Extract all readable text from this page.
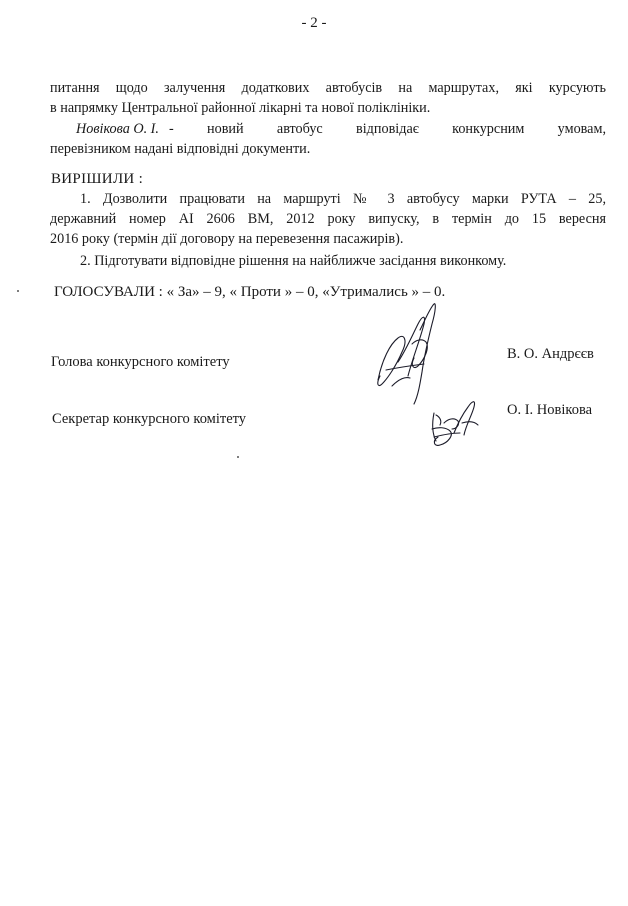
- 2 -
питання щодо залучення додаткових автобусів на маршрутах, які курсують
в напрямку Центральної районної лікарні та нової поліклініки.
Новікова О. І. - новий автобус відповідає конкурсним умовам,
перевізником надані відповідні документи.
ВИРІШИЛИ :
1. Дозволити працювати на маршруті № 3 автобусу марки РУТА – 25,
державний номер АІ 2606 ВМ, 2012 року випуску, в термін до 15 вересня
2016 року (термін дії договору на перевезення пасажирів).
2. Підготувати відповідне рішення на найближче засідання виконкому.
ГОЛОСУВАЛИ : « За» – 9, « Проти » – 0, «Утримались » – 0.
Голова конкурсного комітету	В. О. Андрєєв
Секретар конкурсного комітету
О. І. Новікова
